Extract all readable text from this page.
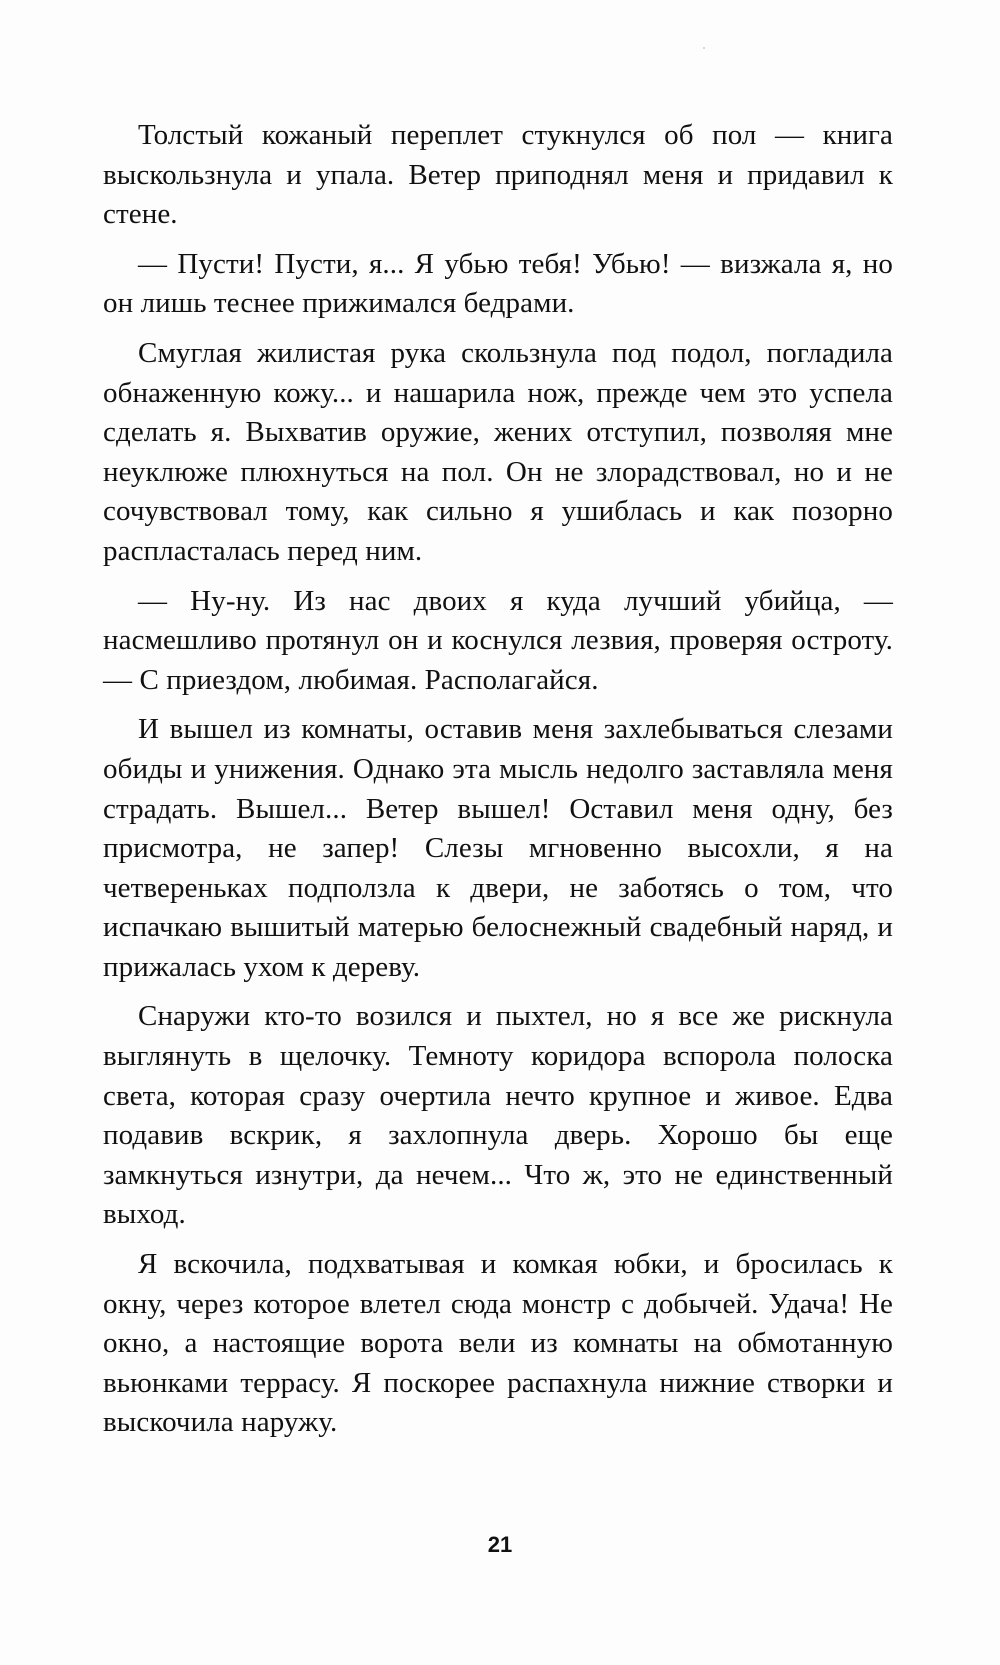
Толстый кожаный переплет стукнулся об пол — книга выскользнула и упала. Ветер приподнял меня и придавил к стене.

— Пусти! Пусти, я... Я убью тебя! Убью! — визжала я, но он лишь теснее прижимался бедрами.

Смуглая жилистая рука скользнула под подол, погладила обнаженную кожу... и нашарила нож, прежде чем это успела сделать я. Выхватив оружие, жених отступил, позволяя мне неуклюже плюхнуться на пол. Он не злорадствовал, но и не сочувствовал тому, как сильно я ушиблась и как позорно распласталась перед ним.

— Ну-ну. Из нас двоих я куда лучший убийца, — насмешливо протянул он и коснулся лезвия, проверяя остроту. — С приездом, любимая. Располагайся.

И вышел из комнаты, оставив меня захлебываться слезами обиды и унижения. Однако эта мысль недолго заставляла меня страдать. Вышел... Ветер вышел! Оставил меня одну, без присмотра, не запер! Слезы мгновенно высохли, я на четвереньках подползла к двери, не заботясь о том, что испачкаю вышитый матерью белоснежный свадебный наряд, и прижалась ухом к дереву.

Снаружи кто-то возился и пыхтел, но я все же рискнула выглянуть в щелочку. Темноту коридора вспорола полоска света, которая сразу очертила нечто крупное и живое. Едва подавив вскрик, я захлопнула дверь. Хорошо бы еще замкнуться изнутри, да нечем... Что ж, это не единственный выход.

Я вскочила, подхватывая и комкая юбки, и бросилась к окну, через которое влетел сюда монстр с добычей. Удача! Не окно, а настоящие ворота вели из комнаты на обмотанную вьюнками террасу. Я поскорее распахнула нижние створки и выскочила наружу.

21
